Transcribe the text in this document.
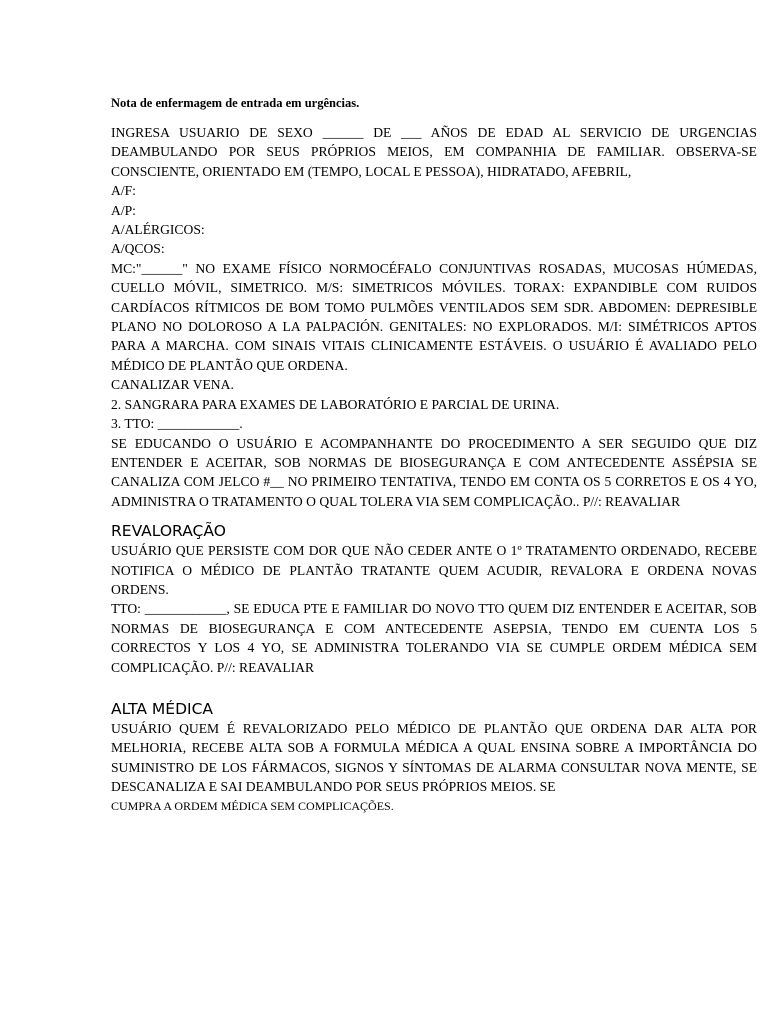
Nota de enfermagem de entrada em urgências.

INGRESA USUARIO DE SEXO ______ DE ___ AÑOS DE EDAD AL SERVICIO DE URGENCIAS DEAMBULANDO POR SEUS PRÓPRIOS MEIOS, EM COMPANHIA DE FAMILIAR. OBSERVA-SE CONSCIENTE, ORIENTADO EM (TEMPO, LOCAL E PESSOA), HIDRATADO, AFEBRIL,
A/F:
A/P:
A/ALÉRGICOS:
A/QCOS:
MC:"______" NO EXAME FÍSICO NORMOCÉFALO CONJUNTIVAS ROSADAS, MUCOSAS HÚMEDAS, CUELLO MÓVIL, SIMETRICO. M/S: SIMETRICOS MÓVILES. TORAX: EXPANDIBLE COM RUIDOS CARDÍACOS RÍTMICOS DE BOM TOMO PULMÕES VENTILADOS SEM SDR. ABDOMEN: DEPRESIBLE PLANO NO DOLOROSO A LA PALPACIÓN. GENITALES: NO EXPLORADOS. M/I: SIMÉTRICOS APTOS PARA A MARCHA. COM SINAIS VITAIS CLINICAMENTE ESTÁVEIS. O USUÁRIO É AVALIADO PELO MÉDICO DE PLANTÃO QUE ORDENA.
CANALIZAR VENA.
2. SANGRARA PARA EXAMES DE LABORATÓRIO E PARCIAL DE URINA.
3. TTO: ____________.
SE EDUCANDO O USUÁRIO E ACOMPANHANTE DO PROCEDIMENTO A SER SEGUIDO QUE DIZ ENTENDER E ACEITAR, SOB NORMAS DE BIOSEGURANÇA E COM ANTECEDENTE ASSÉPSIA SE CANALIZA COM JELCO #__ NO PRIMEIRO TENTATIVA, TENDO EM CONTA OS 5 CORRETOS E OS 4 YO, ADMINISTRA O TRATAMENTO O QUAL TOLERA VIA SEM COMPLICAÇÃO.. P//: REAVALIAR
REVALORAÇÃO
USUÁRIO QUE PERSISTE COM DOR QUE NÃO CEDER ANTE O 1º TRATAMENTO ORDENADO, RECEBE NOTIFICA O MÉDICO DE PLANTÃO TRATANTE QUEM ACUDIR, REVALORA E ORDENA NOVAS ORDENS.
TTO: ____________, SE EDUCA PTE E FAMILIAR DO NOVO TTO QUEM DIZ ENTENDER E ACEITAR, SOB NORMAS DE BIOSEGURANÇA E COM ANTECEDENTE ASEPSIA, TENDO EM CUENTA LOS 5 CORRECTOS Y LOS 4 YO, SE ADMINISTRA TOLERANDO VIA SE CUMPLE ORDEM MÉDICA SEM COMPLICAÇÃO. P//: REAVALIAR
ALTA MÉDICA
USUÁRIO QUEM É REVALORIZADO PELO MÉDICO DE PLANTÃO QUE ORDENA DAR ALTA POR MELHORIA, RECEBE ALTA SOB A FORMULA MÉDICA A QUAL ENSINA SOBRE A IMPORTÂNCIA DO SUMINISTRO DE LOS FÁRMACOS, SIGNOS Y SÍNTOMAS DE ALARMA CONSULTAR NOVA MENTE, SE DESCANALIZA E SAI DEAMBULANDO POR SEUS PRÓPRIOS MEIOS. SE
CUMPRA A ORDEM MÉDICA SEM COMPLICAÇÕES.
